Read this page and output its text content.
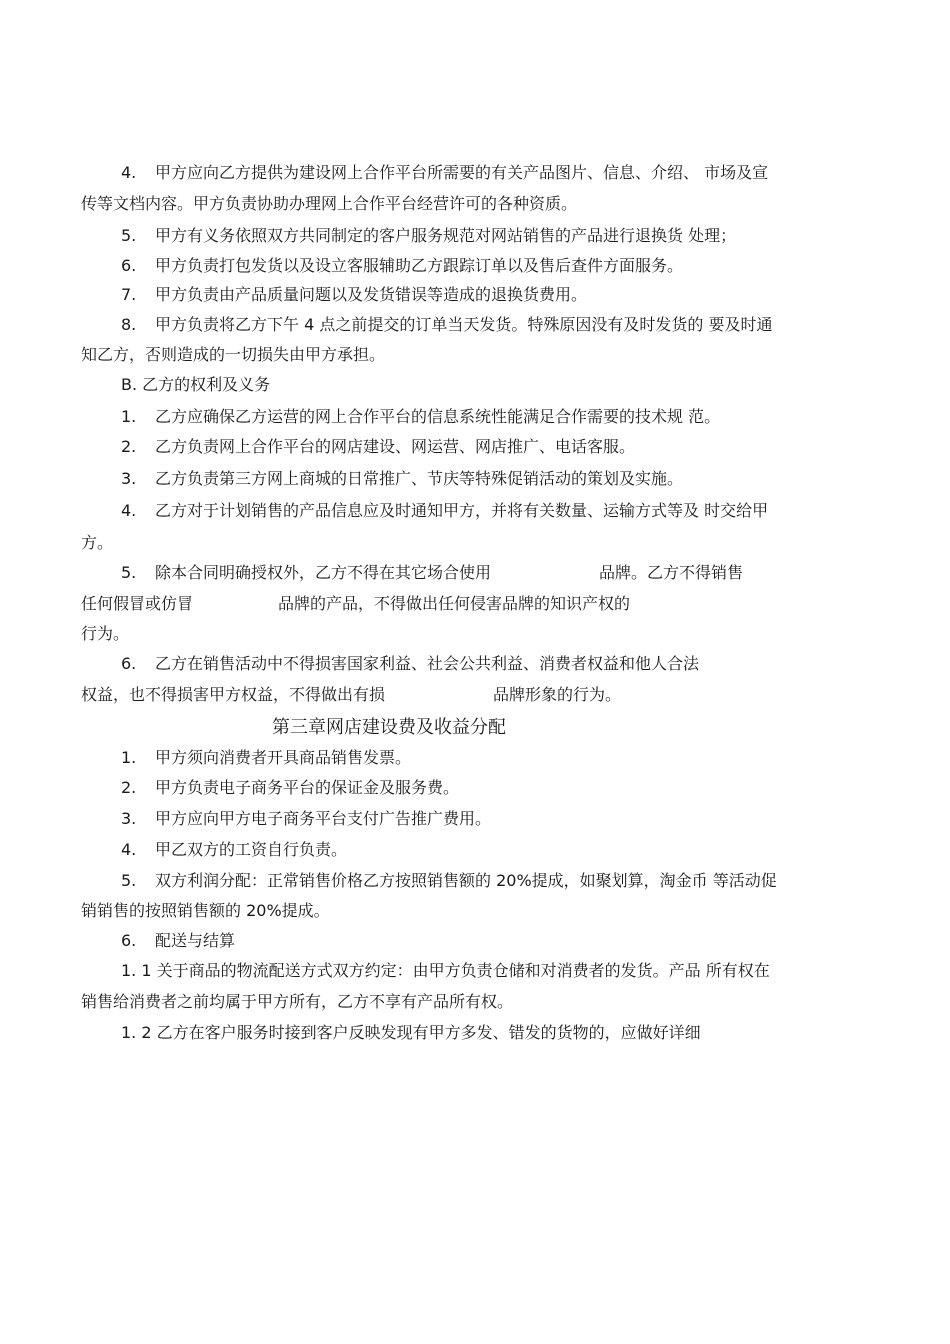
4. 甲方应向乙方提供为建设网上合作平台所需要的有关产品图片、信息、介绍、 市场及宣
传等文档内容。甲方负责协助办理网上合作平台经营许可的各种资质。
5. 甲方有义务依照双方共同制定的客户服务规范对网站销售的产品进行退换货 处理；
6. 甲方负责打包发货以及设立客服辅助乙方跟踪订单以及售后查件方面服务。
7. 甲方负责由产品质量问题以及发货错误等造成的退换货费用。
8. 甲方负责将乙方下午 4 点之前提交的订单当天发货。特殊原因没有及时发货的 要及时通
知乙方，否则造成的一切损失由甲方承担。
B. 乙方的权利及义务
1. 乙方应确保乙方运营的网上合作平台的信息系统性能满足合作需要的技术规 范。
2. 乙方负责网上合作平台的网店建设、网运营、网店推广、电话客服。
3. 乙方负责第三方网上商城的日常推广、节庆等特殊促销活动的策划及实施。
4. 乙方对于计划销售的产品信息应及时通知甲方，并将有关数量、运输方式等及 时交给甲
方。
5. 除本合同明确授权外，乙方不得在其它场合使用	品牌。乙方不得销售
任何假冒或仿冒	品牌的产品，不得做出任何侵害品牌的知识产权的
行为。
6. 乙方在销售活动中不得损害国家利益、社会公共利益、消费者权益和他人合法
权益，也不得损害甲方权益，不得做出有损	品牌形象的行为。
第三章网店建设费及收益分配
1. 甲方须向消费者开具商品销售发票。
2. 甲方负责电子商务平台的保证金及服务费。
3. 甲方应向甲方电子商务平台支付广告推广费用。
4. 甲乙双方的工资自行负责。
5. 双方利润分配：正常销售价格乙方按照销售额的 20%提成，如聚划算，淘金币 等活动促
销销售的按照销售额的 20%提成。
6. 配送与结算
1. 1 关于商品的物流配送方式双方约定：由甲方负责仓储和对消费者的发货。产品 所有权在
销售给消费者之前均属于甲方所有，乙方不享有产品所有权。
1. 2 乙方在客户服务时接到客户反映发现有甲方多发、错发的货物的，应做好详细
